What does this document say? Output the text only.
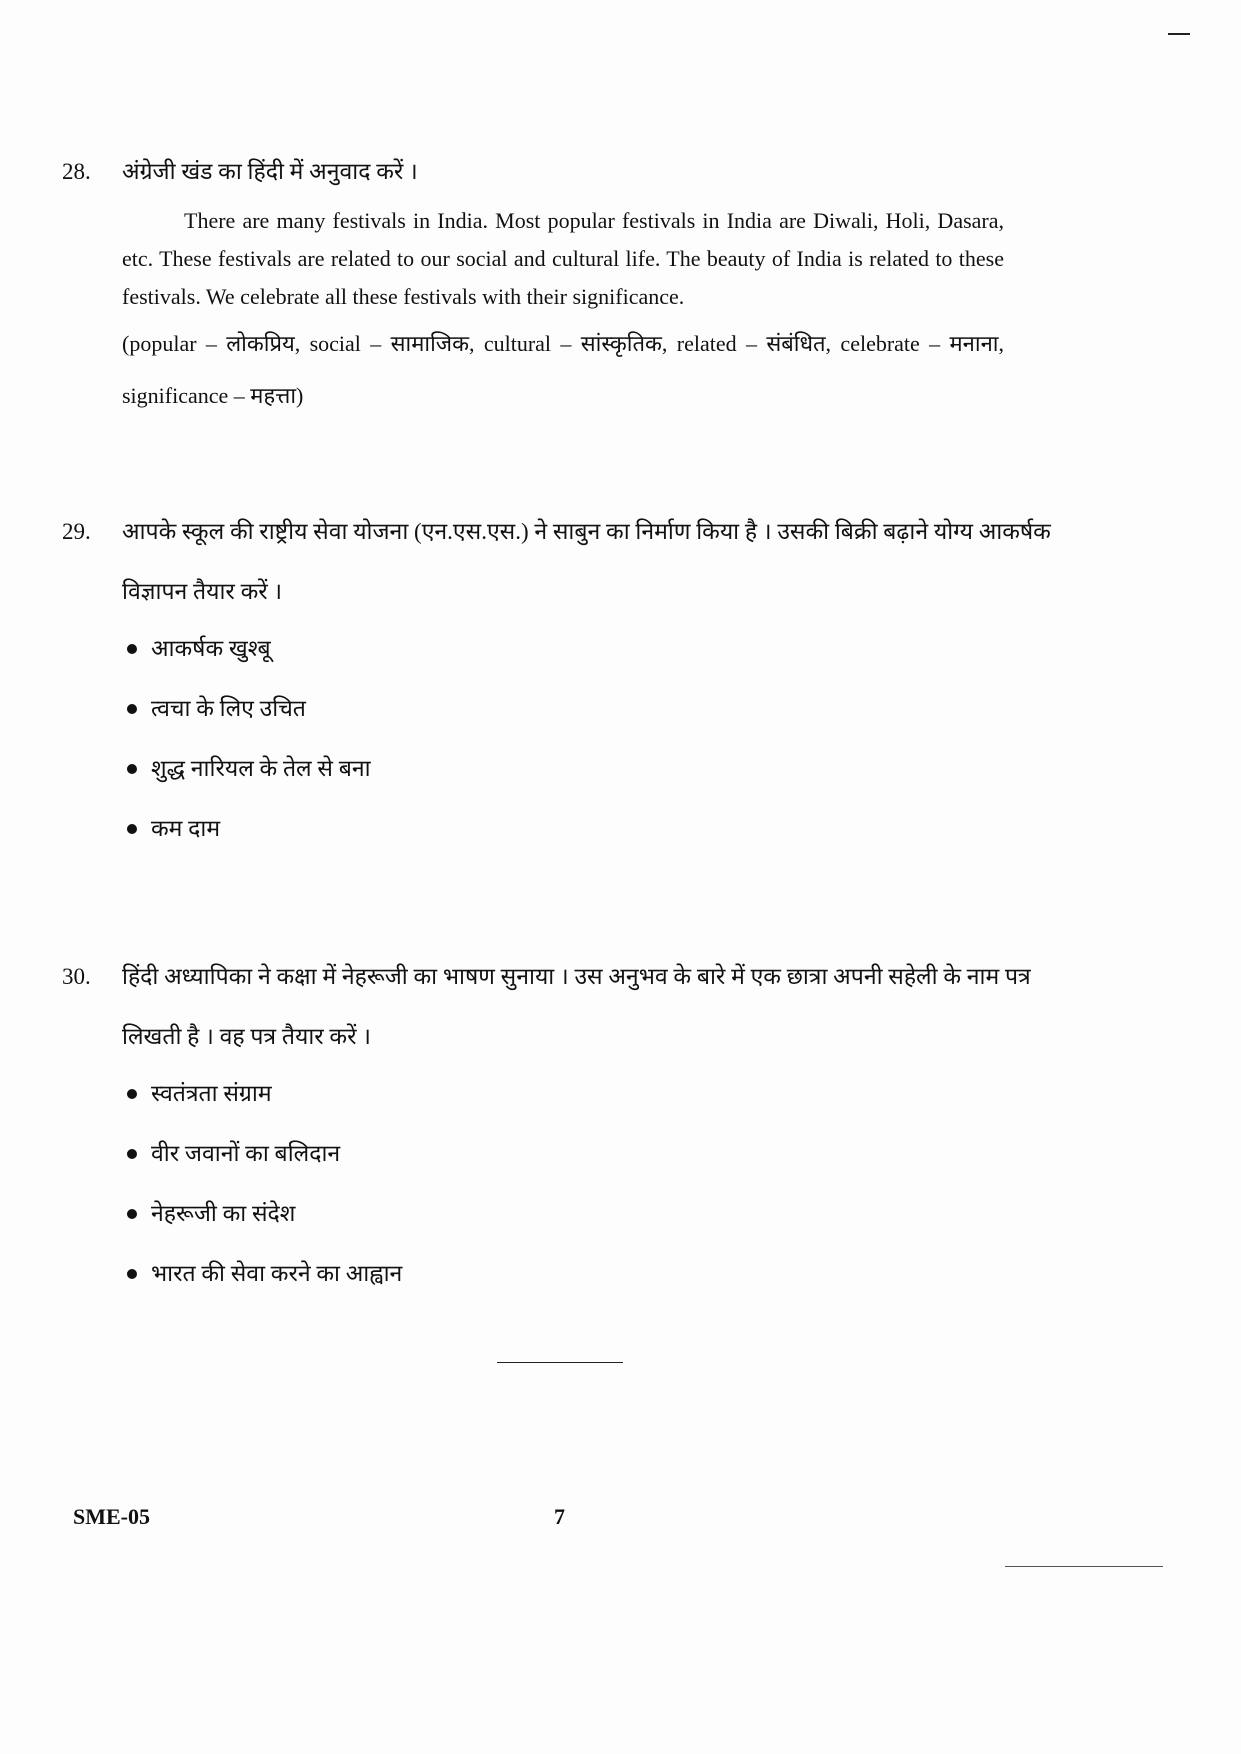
28. अंग्रेजी खंड का हिंदी में अनुवाद करें ।
There are many festivals in India. Most popular festivals in India are Diwali, Holi, Dasara, etc. These festivals are related to our social and cultural life. The beauty of India is related to these festivals. We celebrate all these festivals with their significance.
(popular – लोकप्रिय, social – सामाजिक, cultural – सांस्कृतिक, related – संबंधित, celebrate – मनाना, significance – महत्ता)
29. आपके स्कूल की राष्ट्रीय सेवा योजना (एन.एस.एस.) ने साबुन का निर्माण किया है । उसकी बिक्री बढ़ाने योग्य आकर्षक विज्ञापन तैयार करें ।
आकर्षक खुश्बू
त्वचा के लिए उचित
शुद्ध नारियल के तेल से बना
कम दाम
30. हिंदी अध्यापिका ने कक्षा में नेहरूजी का भाषण सुनाया । उस अनुभव के बारे में एक छात्रा अपनी सहेली के नाम पत्र लिखती है । वह पत्र तैयार करें ।
स्वतंत्रता संग्राम
वीर जवानों का बलिदान
नेहरूजी का संदेश
भारत की सेवा करने का आह्वान
SME-05	7
